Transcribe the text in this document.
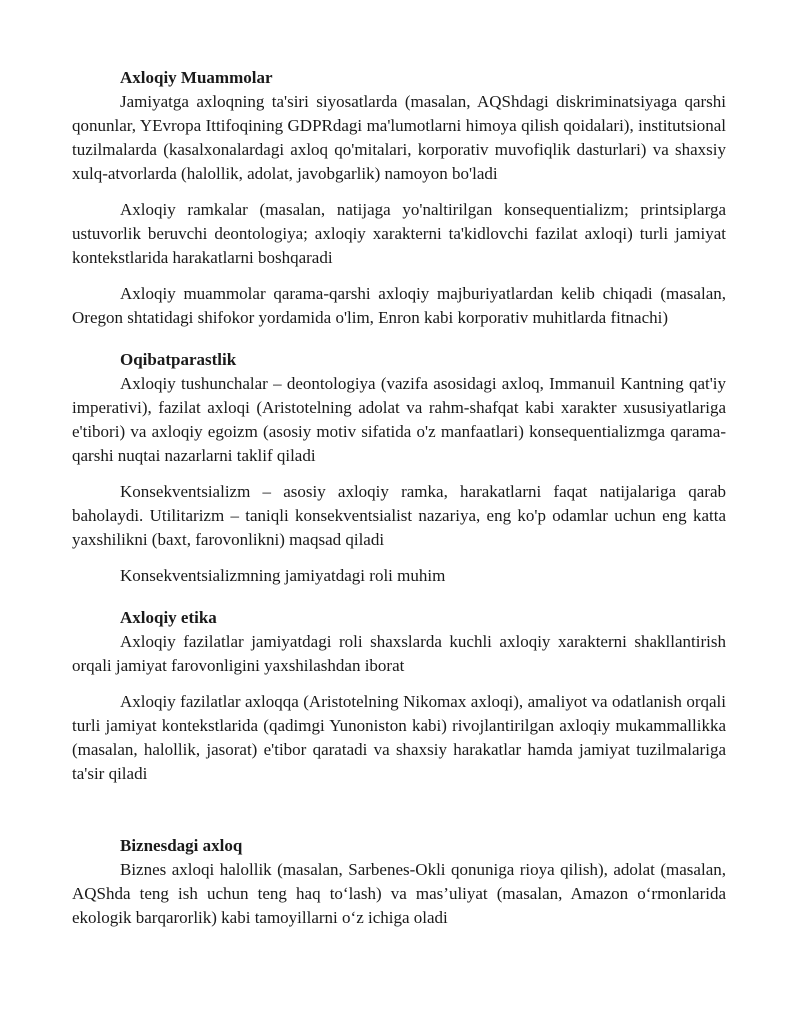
Axloqiy Muammolar

Jamiyatga axloqning ta'siri siyosatlarda (masalan, AQShdagi diskriminatsiyaga qarshi qonunlar, YEvropa Ittifoqining GDPRdagi ma'lumotlarni himoya qilish qoidalari), institutsional tuzilmalarda (kasalxonalardagi axloq qo'mitalari, korporativ muvofiqlik dasturlari) va shaxsiy xulq-atvorlarda (halollik, adolat, javobgarlik) namoyon bo'ladi

Axloqiy ramkalar (masalan, natijaga yo'naltirilgan konsequentializm; printsiplarga ustuvorlik beruvchi deontologiya; axloqiy xarakterni ta'kidlovchi fazilat axloqi) turli jamiyat kontekstlarida harakatlarni boshqaradi

Axloqiy muammolar qarama-qarshi axloqiy majburiyatlardan kelib chiqadi (masalan, Oregon shtatidagi shifokor yordamida o'lim, Enron kabi korporativ muhitlarda fitnachi)

Oqibatparastlik

Axloqiy tushunchalar – deontologiya (vazifa asosidagi axloq, Immanuil Kantning qat'iy imperativi), fazilat axloqi (Aristotelning adolat va rahm-shafqat kabi xarakter xususiyatlariga e'tibori) va axloqiy egoizm (asosiy motiv sifatida o'z manfaatlari) konsequentializmga qarama-qarshi nuqtai nazarlarni taklif qiladi

Konsekventsializm – asosiy axloqiy ramka, harakatlarni faqat natijalariga qarab baholaydi. Utilitarizm – taniqli konsekventsialist nazariya, eng ko'p odamlar uchun eng katta yaxshilikni (baxt, farovonlikni) maqsad qiladi

Konsekventsializmning jamiyatdagi roli muhim

Axloqiy etika

Axloqiy fazilatlar jamiyatdagi roli shaxslarda kuchli axloqiy xarakterni shakllantirish orqali jamiyat farovonligini yaxshilashdan iborat

Axloqiy fazilatlar axloqqa (Aristotelning Nikomax axloqi), amaliyot va odatlanish orqali turli jamiyat kontekstlarida (qadimgi Yunoniston kabi) rivojlantirilgan axloqiy mukammallikka (masalan, halollik, jasorat) e'tibor qaratadi va shaxsiy harakatlar hamda jamiyat tuzilmalariga ta'sir qiladi

Biznesdagi axloq

Biznes axloqi halollik (masalan, Sarbenes-Okli qonuniga rioya qilish), adolat (masalan, AQShda teng ish uchun teng haq to‘lash) va mas’uliyat (masalan, Amazon o‘rmonlarida ekologik barqarorlik) kabi tamoyillarni o‘z ichiga oladi
